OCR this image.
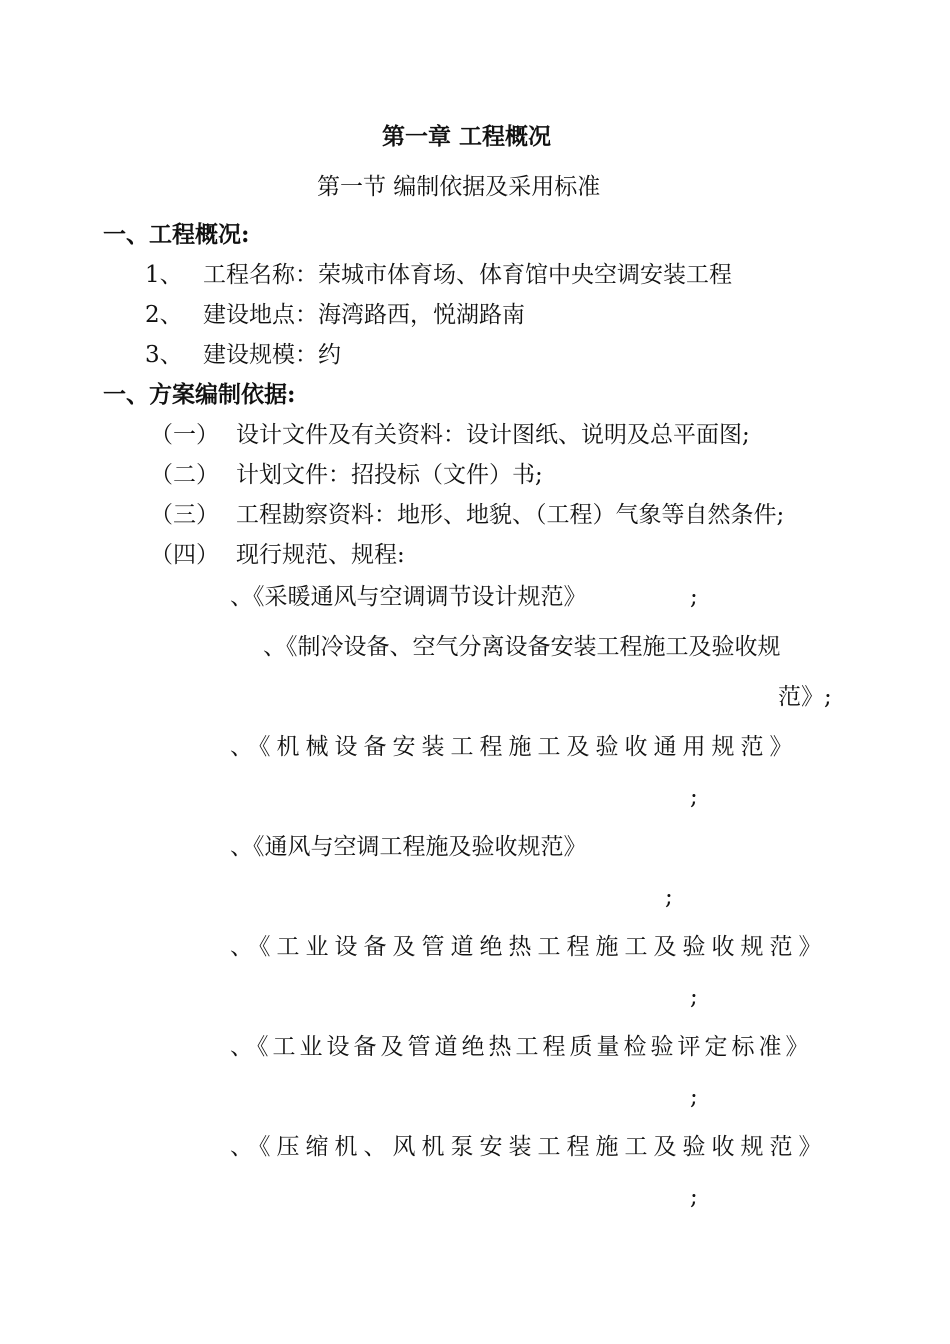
第一章 工程概况
第一节 编制依据及采用标准
一、工程概况:
1、 工程名称：荣城市体育场、体育馆中央空调安装工程
2、 建设地点：海湾路西，悦湖路南
3、 建设规模：约
一、方案编制依据:
（一） 设计文件及有关资料：设计图纸、说明及总平面图;
（二） 计划文件：招投标（文件）书;
（三） 工程勘察资料：地形、地貌、（工程）气象等自然条件;
（四） 现行规范、规程:
、《采暖通风与空调调节设计规范》	;
、《制冷设备、空气分离设备安装工程施工及验收规
范》;
、《机械设备安装工程施工及验收通用规范》
;
、《通风与空调工程施及验收规范》
;
、《工业设备及管道绝热工程施工及验收规范》
;
、《工业设备及管道绝热工程质量检验评定标准》
;
、《压缩机、风机泵安装工程施工及验收规范》
;
